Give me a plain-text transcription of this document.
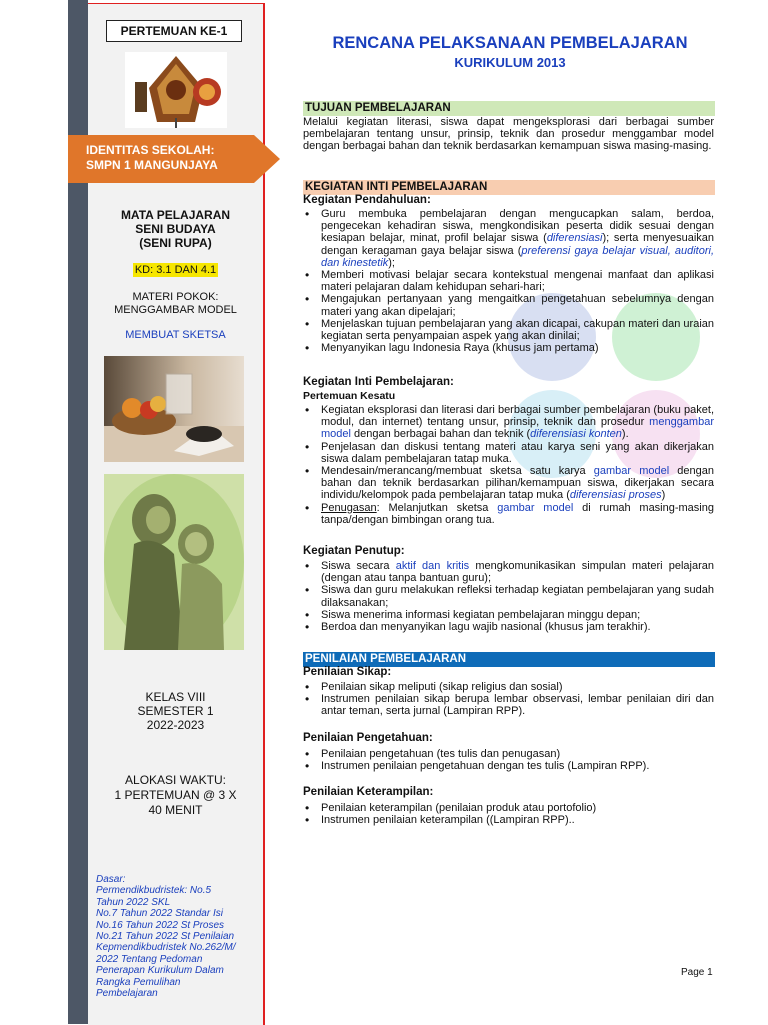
PERTEMUAN KE-1
IDENTITAS SEKOLAH:
SMPN 1 MANGUNJAYA
MATA PELAJARAN
SENI BUDAYA
(SENI RUPA)
KD: 3.1 DAN 4.1
MATERI POKOK:
MENGGAMBAR MODEL
MEMBUAT SKETSA
KELAS VIII
SEMESTER 1
2022-2023
ALOKASI WAKTU:
1 PERTEMUAN @ 3 X
40 MENIT
Dasar:
Permendikbudristek: No.5
Tahun 2022 SKL
No.7 Tahun 2022 Standar Isi
No.16 Tahun 2022 St Proses
No.21 Tahun 2022 St Penilaian
Kepmendikbudristek No.262/M/
2022 Tentang Pedoman
Penerapan Kurikulum Dalam
Rangka Pemulihan
Pembelajaran
RENCANA PELAKSANAAN PEMBELAJARAN
KURIKULUM 2013
TUJUAN PEMBELAJARAN
Melalui kegiatan literasi, siswa dapat mengeksplorasi dari berbagai sumber pembelajaran tentang unsur, prinsip, teknik dan prosedur menggambar model dengan berbagai bahan dan teknik berdasarkan kemampuan siswa masing-masing.
KEGIATAN INTI PEMBELAJARAN
Kegiatan Pendahuluan:
• Guru membuka pembelajaran dengan mengucapkan salam, berdoa, pengecekan kehadiran siswa, mengkondisikan peserta didik sesuai dengan kesiapan belajar, minat, profil belajar siswa (diferensiasi); serta menyesuaikan dengan keragaman gaya belajar siswa (preferensi gaya belajar visual, auditori, dan kinestetik);
• Memberi motivasi belajar secara kontekstual mengenai manfaat dan aplikasi materi pelajaran dalam kehidupan sehari-hari;
• Mengajukan pertanyaan yang mengaitkan pengetahuan sebelumnya dengan materi yang akan dipelajari;
• Menjelaskan tujuan pembelajaran yang akan dicapai, cakupan materi dan uraian kegiatan serta penyampaian aspek yang akan dinilai;
• Menyanyikan lagu Indonesia Raya (khusus jam pertama)
Kegiatan Inti Pembelajaran:
Pertemuan Kesatu
• Kegiatan eksplorasi dan literasi dari berbagai sumber pembelajaran (buku paket, modul, dan internet) tentang unsur, prinsip, teknik dan prosedur menggambar model dengan berbagai bahan dan teknik (diferensiasi konten).
• Penjelasan dan diskusi tentang materi atau karya seni yang akan dikerjakan siswa dalam pembelajaran tatap muka.
• Mendesain/merancang/membuat sketsa satu karya gambar model dengan bahan dan teknik berdasarkan pilihan/kemampuan siswa, dikerjakan secara individu/kelompok pada pembelajaran tatap muka (diferensiasi proses)
• Penugasan: Melanjutkan sketsa gambar model di rumah masing-masing tanpa/dengan bimbingan orang tua.
Kegiatan Penutup:
• Siswa secara aktif dan kritis mengkomunikasikan simpulan materi pelajaran (dengan atau tanpa bantuan guru);
• Siswa dan guru melakukan refleksi terhadap kegiatan pembelajaran yang sudah dilaksanakan;
• Siswa menerima informasi kegiatan pembelajaran minggu depan;
• Berdoa dan menyanyikan lagu wajib nasional (khusus jam terakhir).
PENILAIAN PEMBELAJARAN
Penilaian Sikap:
• Penilaian sikap meliputi (sikap religius dan sosial)
• Instrumen penilaian sikap berupa lembar observasi, lembar penilaian diri dan antar teman, serta jurnal (Lampiran RPP).
Penilaian Pengetahuan:
• Penilaian pengetahuan (tes tulis dan penugasan)
• Instrumen penilaian pengetahuan dengan tes tulis (Lampiran RPP).
Penilaian Keterampilan:
• Penilaian keterampilan (penilaian produk atau portofolio)
• Instrumen penilaian keterampilan ((Lampiran RPP)..
Page 1
